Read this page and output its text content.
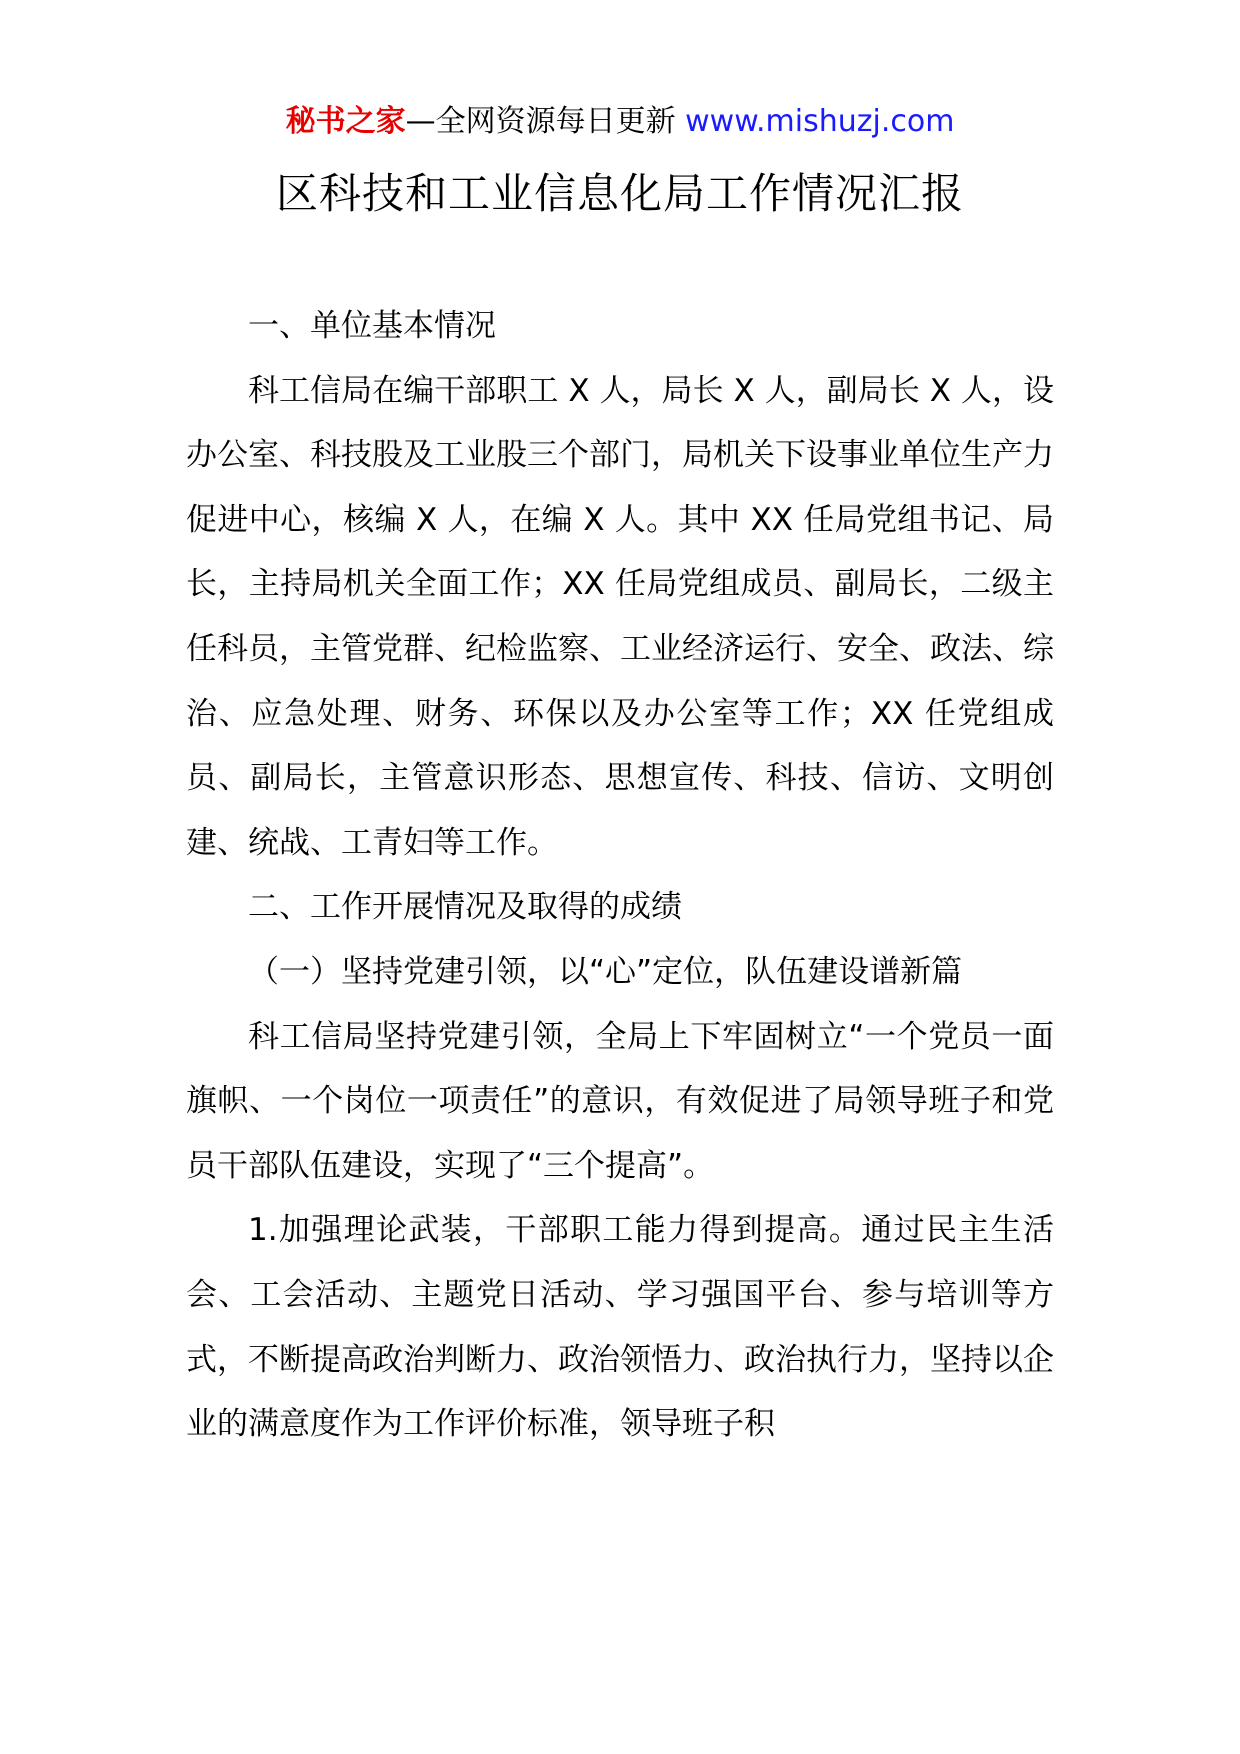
秘书之家—全网资源每日更新 www.mishuzj.com
区科技和工业信息化局工作情况汇报

一、单位基本情况

科工信局在编干部职工 X 人，局长 X 人，副局长 X 人，设办公室、科技股及工业股三个部门，局机关下设事业单位生产力促进中心，核编 X 人，在编 X 人。其中 XX 任局党组书记、局长，主持局机关全面工作；XX 任局党组成员、副局长，二级主任科员，主管党群、纪检监察、工业经济运行、安全、政法、综治、应急处理、财务、环保以及办公室等工作；XX 任党组成员、副局长，主管意识形态、思想宣传、科技、信访、文明创建、统战、工青妇等工作。

二、工作开展情况及取得的成绩

（一）坚持党建引领，以“心”定位，队伍建设谱新篇

科工信局坚持党建引领，全局上下牢固树立“一个党员一面旗帜、一个岗位一项责任”的意识，有效促进了局领导班子和党员干部队伍建设，实现了“三个提高”。

1.加强理论武装，干部职工能力得到提高。通过民主生活会、工会活动、主题党日活动、学习强国平台、参与培训等方式，不断提高政治判断力、政治领悟力、政治执行力，坚持以企业的满意度作为工作评价标准，领导班子积
